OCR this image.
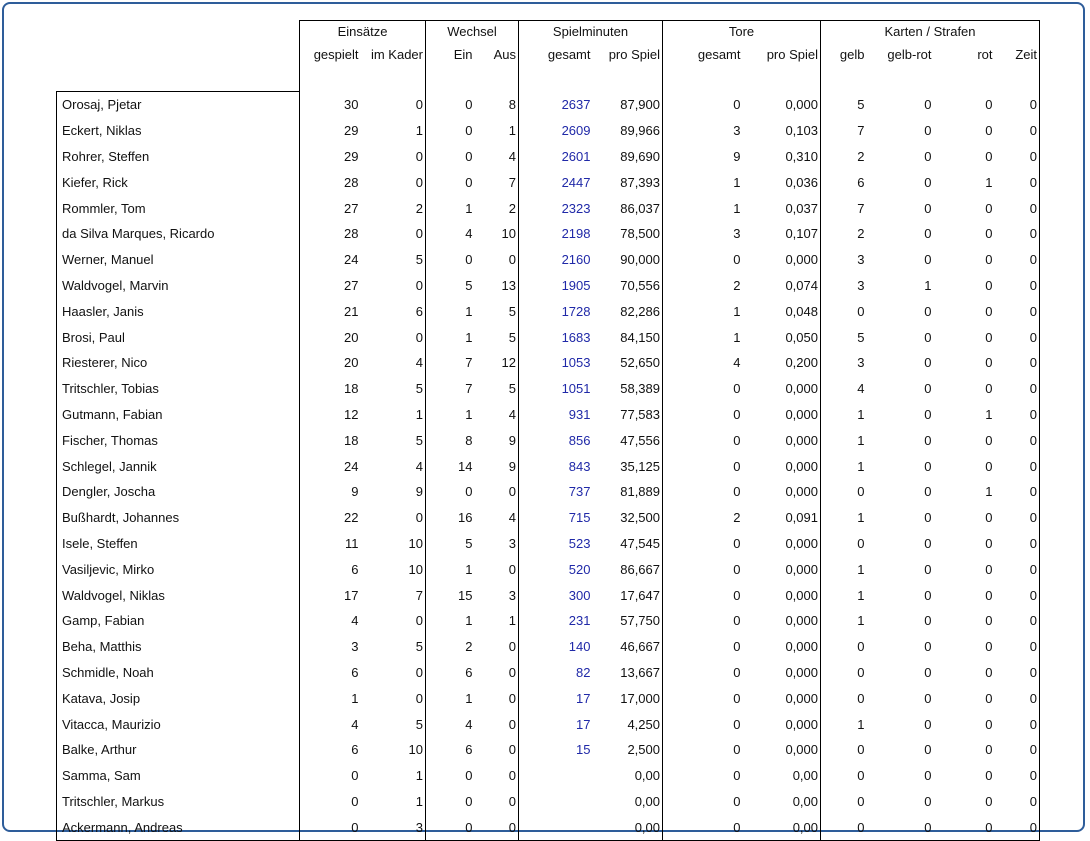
	Einsätze		Wechsel		Spielminuten		Tore		Karten / Strafen			
	gespielt	im Kader	Ein	Aus	gesamt	pro Spiel	gesamt	pro Spiel	gelb	gelb-rot	rot	Zeit

Orosaj, Pjetar	30	0	0	8	2637	87,900	0	0,000	5	0	0	0
Eckert, Niklas	29	1	0	1	2609	89,966	3	0,103	7	0	0	0
Rohrer, Steffen	29	0	0	4	2601	89,690	9	0,310	2	0	0	0
Kiefer, Rick	28	0	0	7	2447	87,393	1	0,036	6	0	1	0
Rommler, Tom	27	2	1	2	2323	86,037	1	0,037	7	0	0	0
da Silva Marques, Ricardo	28	0	4	10	2198	78,500	3	0,107	2	0	0	0
Werner, Manuel	24	5	0	0	2160	90,000	0	0,000	3	0	0	0
Waldvogel, Marvin	27	0	5	13	1905	70,556	2	0,074	3	1	0	0
Haasler, Janis	21	6	1	5	1728	82,286	1	0,048	0	0	0	0
Brosi, Paul	20	0	1	5	1683	84,150	1	0,050	5	0	0	0
Riesterer, Nico	20	4	7	12	1053	52,650	4	0,200	3	0	0	0
Tritschler, Tobias	18	5	7	5	1051	58,389	0	0,000	4	0	0	0
Gutmann, Fabian	12	1	1	4	931	77,583	0	0,000	1	0	1	0
Fischer, Thomas	18	5	8	9	856	47,556	0	0,000	1	0	0	0
Schlegel, Jannik	24	4	14	9	843	35,125	0	0,000	1	0	0	0
Dengler, Joscha	9	9	0	0	737	81,889	0	0,000	0	0	1	0
Bußhardt, Johannes	22	0	16	4	715	32,500	2	0,091	1	0	0	0
Isele, Steffen	11	10	5	3	523	47,545	0	0,000	0	0	0	0
Vasiljevic, Mirko	6	10	1	0	520	86,667	0	0,000	1	0	0	0
Waldvogel, Niklas	17	7	15	3	300	17,647	0	0,000	1	0	0	0
Gamp, Fabian	4	0	1	1	231	57,750	0	0,000	1	0	0	0
Beha, Matthis	3	5	2	0	140	46,667	0	0,000	0	0	0	0
Schmidle, Noah	6	0	6	0	82	13,667	0	0,000	0	0	0	0
Katava, Josip	1	0	1	0	17	17,000	0	0,000	0	0	0	0
Vitacca, Maurizio	4	5	4	0	17	4,250	0	0,000	1	0	0	0
Balke, Arthur	6	10	6	0	15	2,500	0	0,000	0	0	0	0
Samma, Sam	0	1	0	0		0,00	0	0,00	0	0	0	0
Tritschler, Markus	0	1	0	0		0,00	0	0,00	0	0	0	0
Ackermann, Andreas	0	3	0	0		0,00	0	0,00	0	0	0	0
